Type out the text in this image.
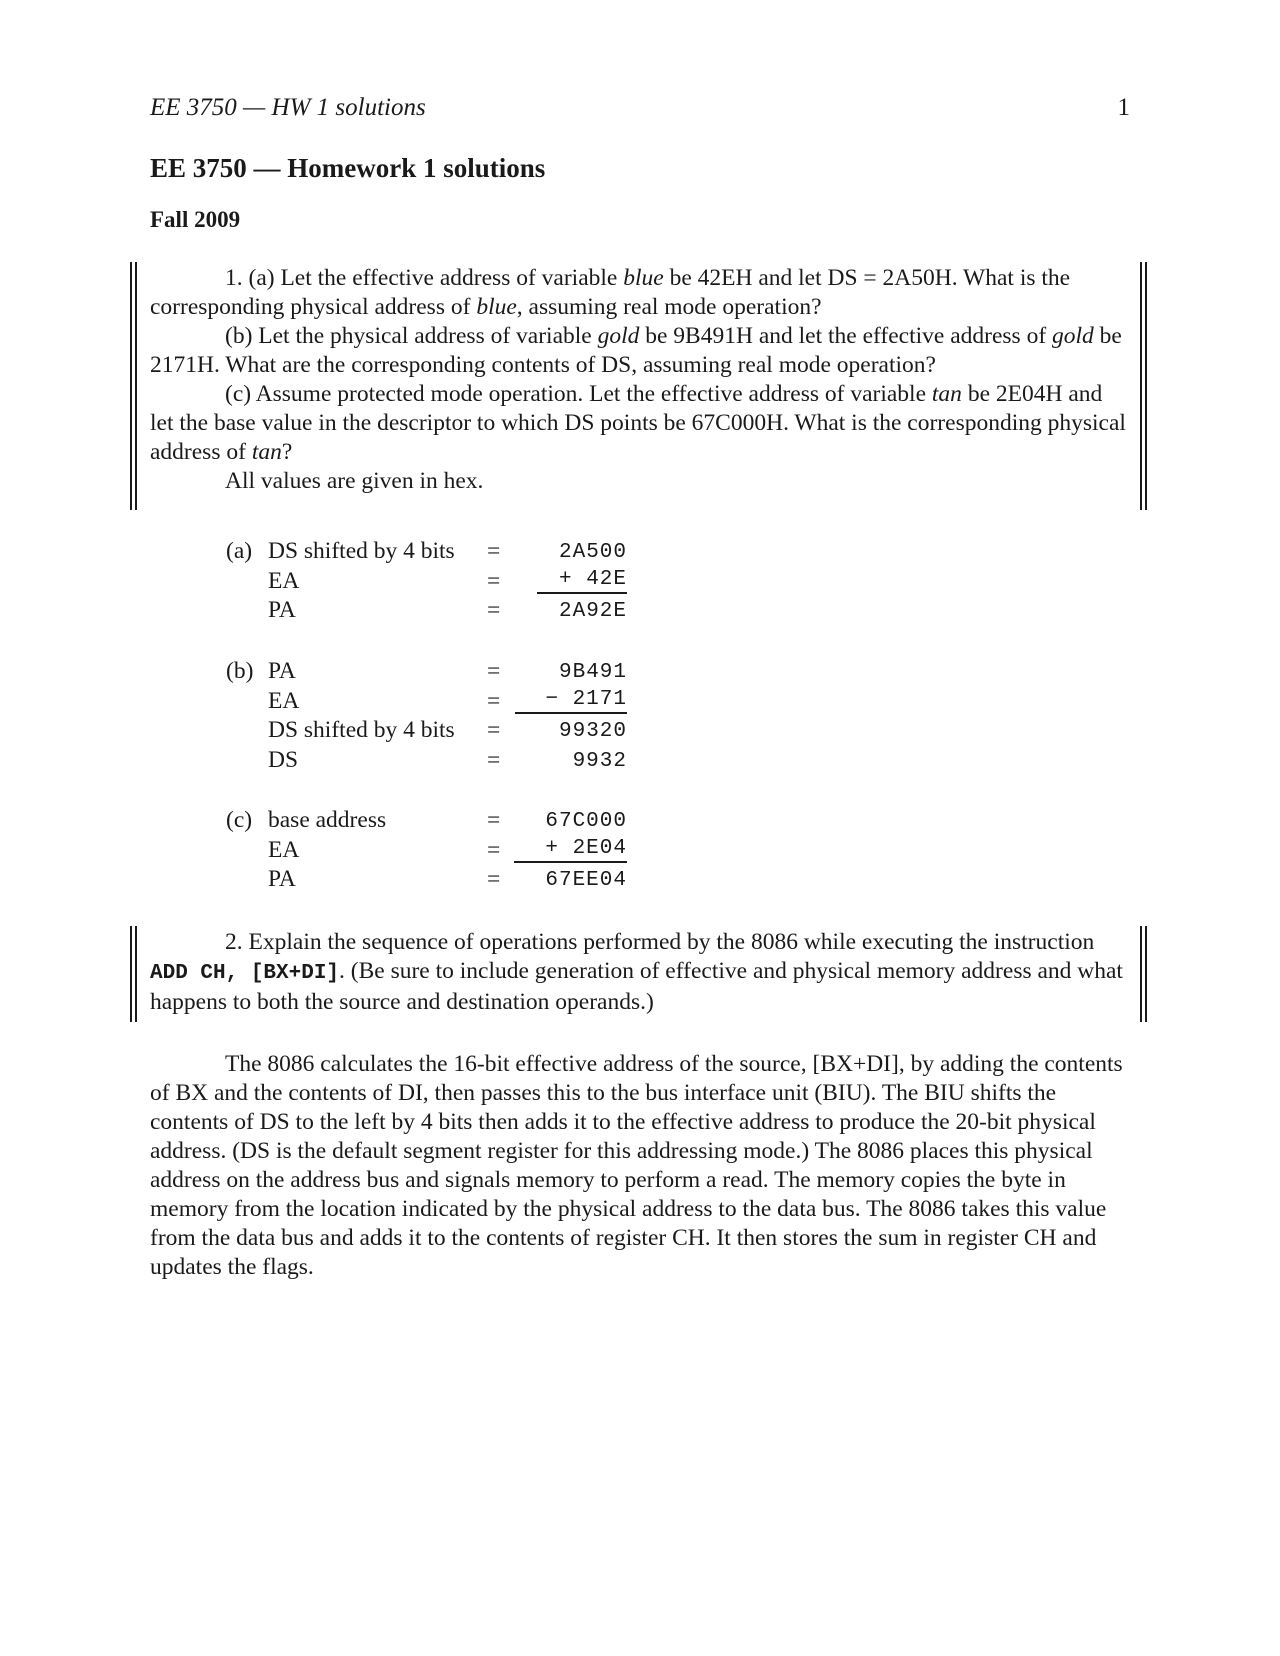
EE 3750 — HW 1 solutions	1
EE 3750 — Homework 1 solutions
Fall 2009

1. (a) Let the effective address of variable blue be 42EH and let DS = 2A50H. What is the corresponding physical address of blue, assuming real mode operation?

(b) Let the physical address of variable gold be 9B491H and let the effective address of gold be 2171H. What are the corresponding contents of DS, assuming real mode operation?

(c) Assume protected mode operation. Let the effective address of variable tan be 2E04H and let the base value in the descriptor to which DS points be 67C000H. What is the corresponding physical address of tan?

All values are given in hex.

(a) DS shifted by 4 bits =	2A500
EA	=	+ 42E
PA	=	2A92E
(b) PA	=	9B491
EA	=	− 2171
DS shifted by 4 bits =	99320
DS	=	9932
(c) base address	=	67C000
EA	=	+ 2E04
PA	=	67EE04

2. Explain the sequence of operations performed by the 8086 while executing the instruction ADD CH, [BX+DI]. (Be sure to include generation of effective and physical memory address and what happens to both the source and destination operands.)

The 8086 calculates the 16-bit effective address of the source, [BX+DI], by adding the contents of BX and the contents of DI, then passes this to the bus interface unit (BIU). The BIU shifts the contents of DS to the left by 4 bits then adds it to the effective address to produce the 20-bit physical address. (DS is the default segment register for this addressing mode.) The 8086 places this physical address on the address bus and signals memory to perform a read. The memory copies the byte in memory from the location indicated by the physical address to the data bus. The 8086 takes this value from the data bus and adds it to the contents of register CH. It then stores the sum in register CH and updates the flags.
